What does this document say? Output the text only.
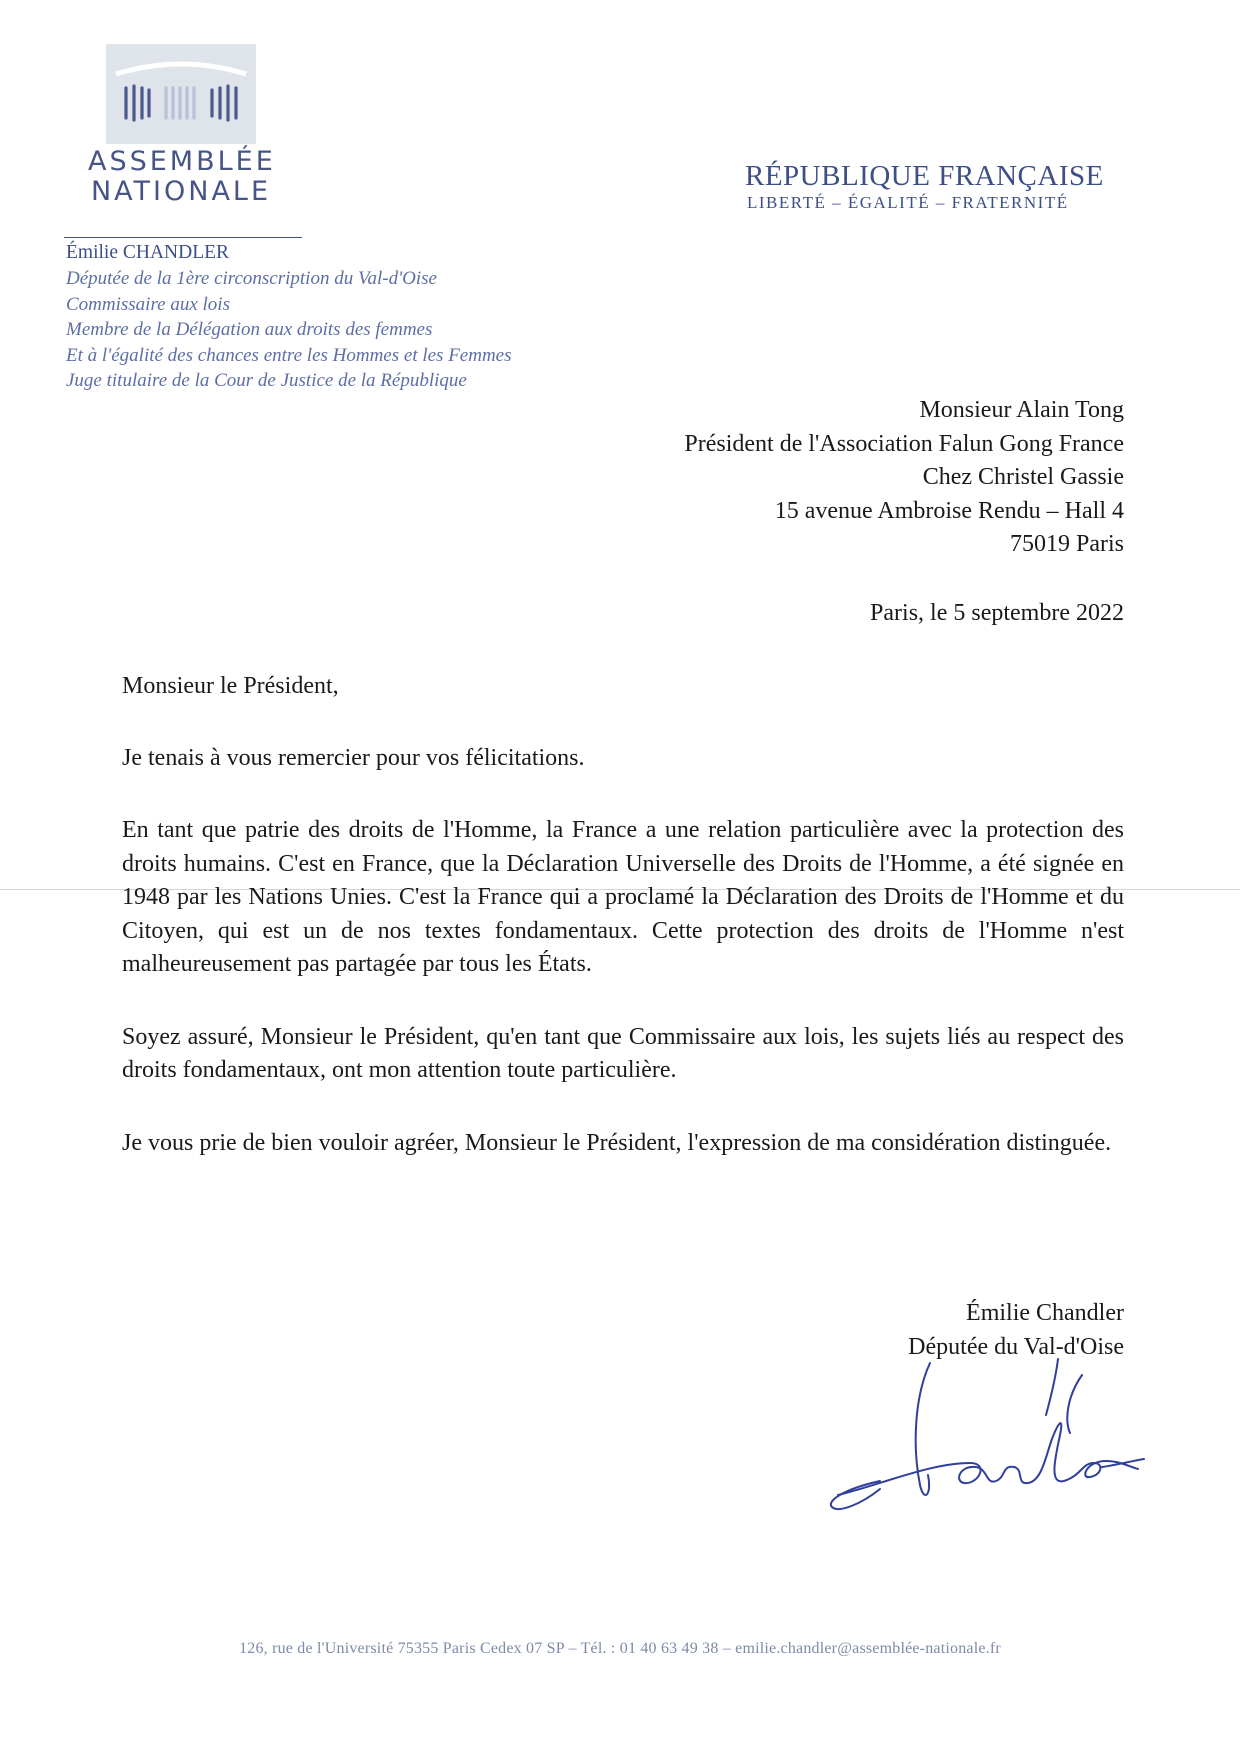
ASSEMBLÉE
NATIONALE	RÉPUBLIQUE FRANÇAISE
LIBERTÉ – ÉGALITÉ – FRATERNITÉ
Émilie CHANDLER
Députée de la 1ère circonscription du Val-d'Oise
Commissaire aux lois
Membre de la Délégation aux droits des femmes
Et à l'égalité des chances entre les Hommes et les Femmes
Juge titulaire de la Cour de Justice de la République
Monsieur Alain Tong
Président de l'Association Falun Gong France
Chez Christel Gassie
15 avenue Ambroise Rendu – Hall 4
75019 Paris
Paris, le 5 septembre 2022

Monsieur le Président,

Je tenais à vous remercier pour vos félicitations.

En tant que patrie des droits de l'Homme, la France a une relation particulière avec la protection des droits humains. C'est en France, que la Déclaration Universelle des Droits de l'Homme, a été signée en 1948 par les Nations Unies. C'est la France qui a proclamé la Déclaration des Droits de l'Homme et du Citoyen, qui est un de nos textes fondamentaux. Cette protection des droits de l'Homme n'est malheureusement pas partagée par tous les États.

Soyez assuré, Monsieur le Président, qu'en tant que Commissaire aux lois, les sujets liés au respect des droits fondamentaux, ont mon attention toute particulière.

Je vous prie de bien vouloir agréer, Monsieur le Président, l'expression de ma considération distinguée.

Émilie Chandler
Députée du Val-d'Oise
126, rue de l'Université 75355 Paris Cedex 07 SP – Tél. : 01 40 63 49 38 – emilie.chandler@assemblée-nationale.fr
